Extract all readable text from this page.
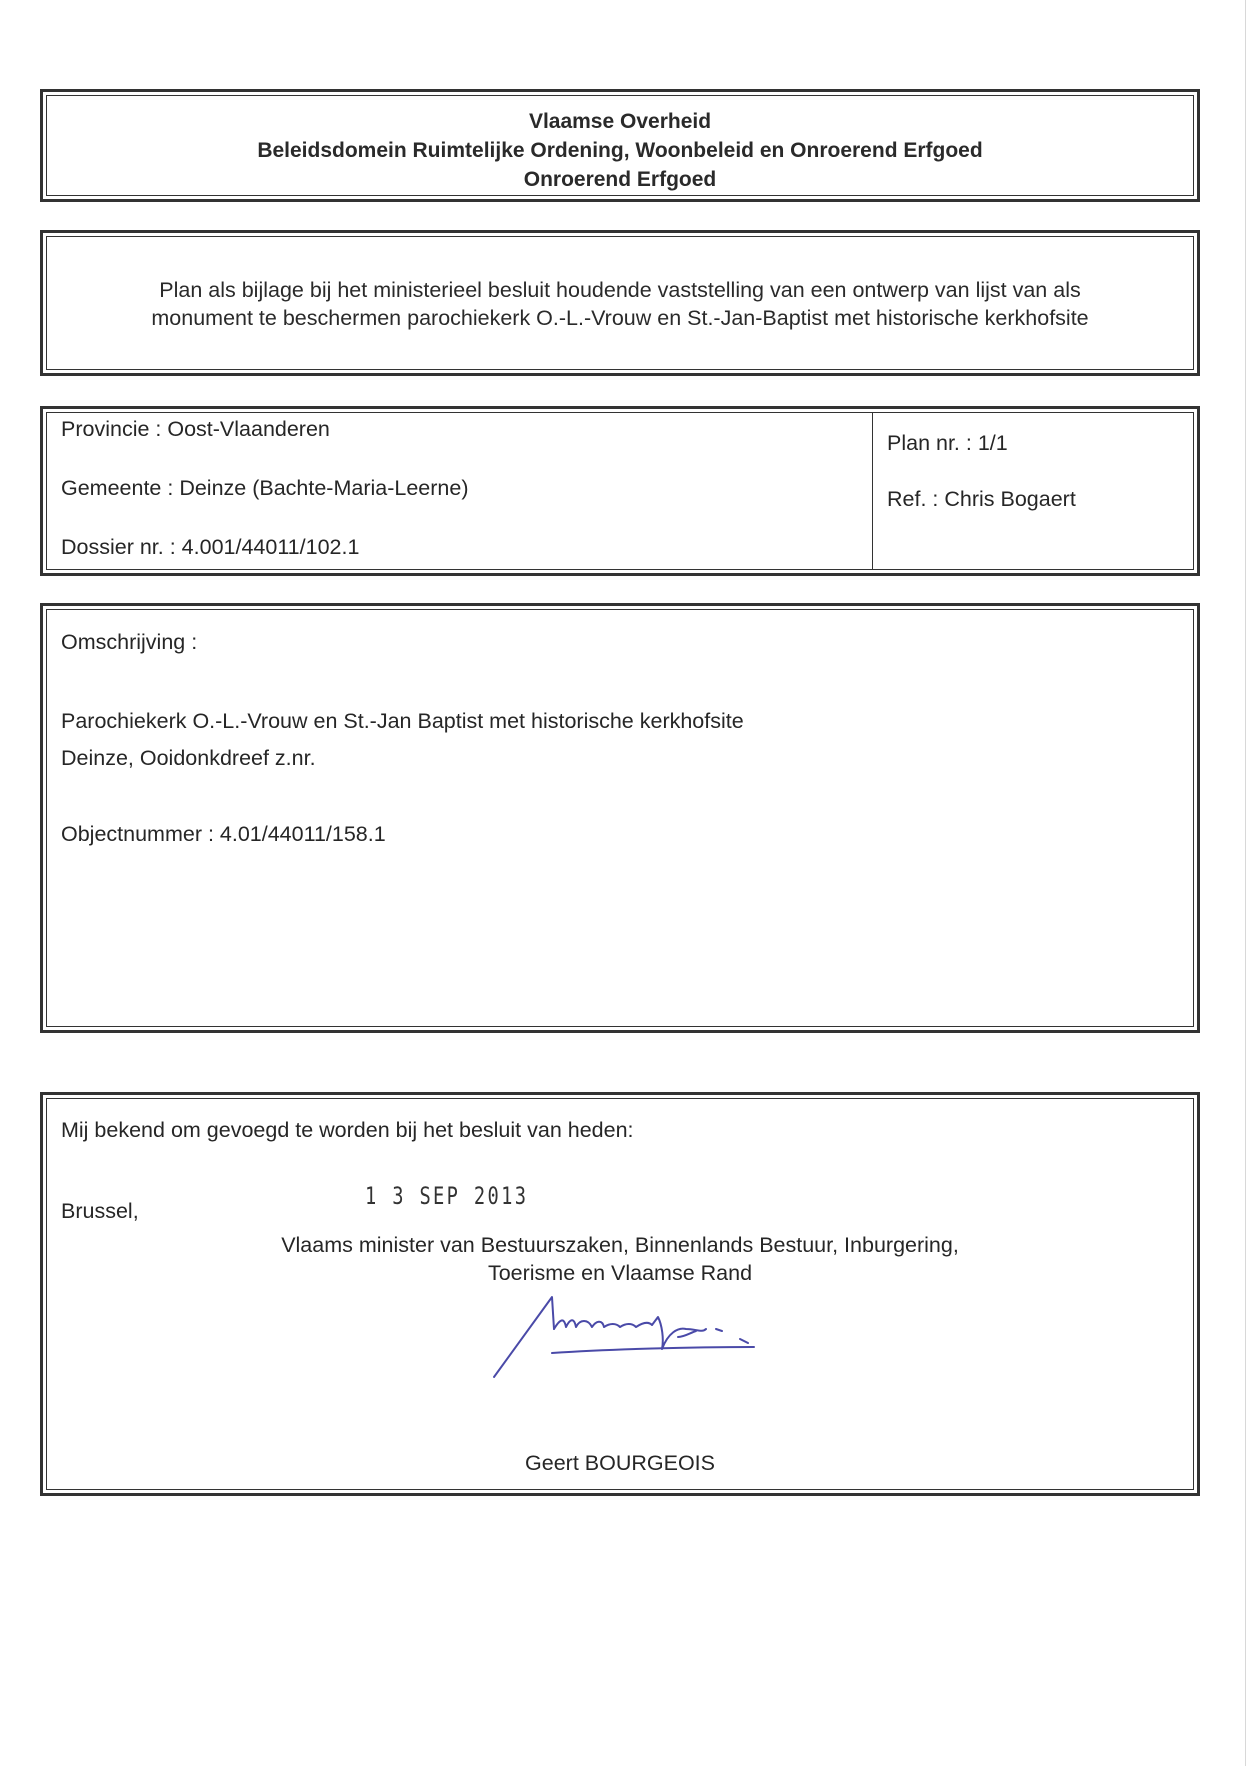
Vlaamse Overheid
Beleidsdomein Ruimtelijke Ordening, Woonbeleid en Onroerend Erfgoed
Onroerend Erfgoed
Plan als bijlage bij het ministerieel besluit houdende vaststelling van een ontwerp van lijst van als
monument te beschermen parochiekerk O.-L.-Vrouw en St.-Jan-Baptist met historische kerkhofsite
Provincie : Oost-Vlaanderen
Gemeente : Deinze (Bachte-Maria-Leerne)
Dossier nr. : 4.001/44011/102.1
Plan nr. : 1/1
Ref. : Chris Bogaert
Omschrijving :
Parochiekerk O.-L.-Vrouw en St.-Jan Baptist met historische kerkhofsite
Deinze, Ooidonkdreef z.nr.
Objectnummer : 4.01/44011/158.1
Mij bekend om gevoegd te worden bij het besluit van heden:
1 3 SEP 2013
Brussel,
Vlaams minister van Bestuurszaken, Binnenlands Bestuur, Inburgering,
Toerisme en Vlaamse Rand
Geert BOURGEOIS
